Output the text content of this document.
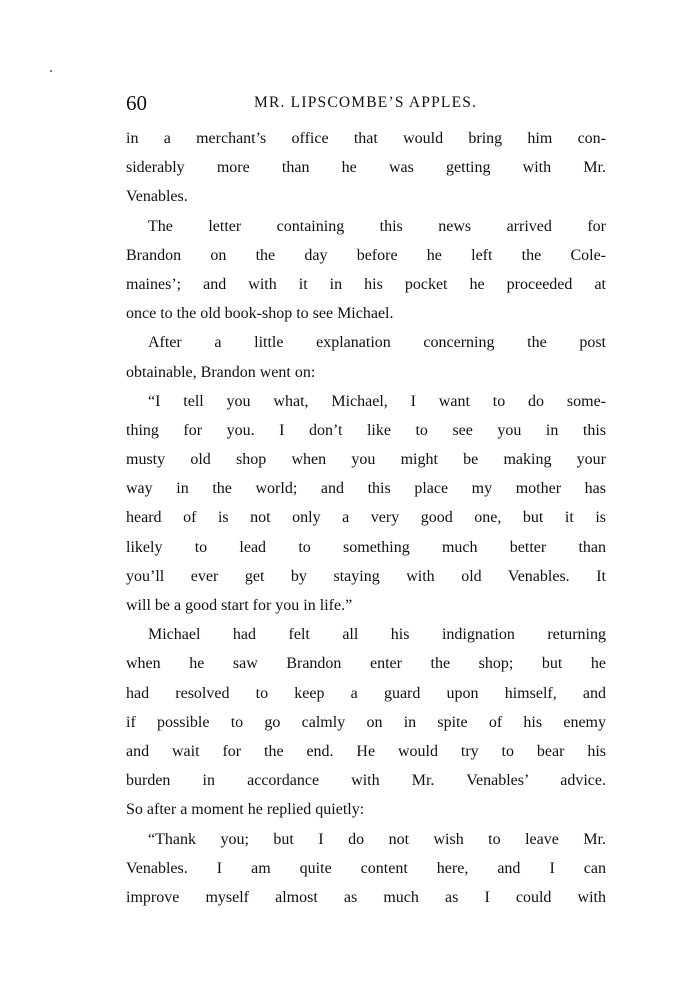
60	MR. LIPSCOMBE’S APPLES.
in a merchant’s office that would bring him con-
siderably more than he was getting with Mr.
Venables.
The letter containing this news arrived for
Brandon on the day before he left the Cole-
maines’; and with it in his pocket he proceeded at
once to the old book-shop to see Michael.
After a little explanation concerning the post
obtainable, Brandon went on:
“I tell you what, Michael, I want to do some-
thing for you. I don’t like to see you in this
musty old shop when you might be making your
way in the world; and this place my mother has
heard of is not only a very good one, but it is
likely to lead to something much better than
you’ll ever get by staying with old Venables. It
will be a good start for you in life.”
Michael had felt all his indignation returning
when he saw Brandon enter the shop; but he
had resolved to keep a guard upon himself, and
if possible to go calmly on in spite of his enemy
and wait for the end. He would try to bear his
burden in accordance with Mr. Venables’ advice.
So after a moment he replied quietly:
“Thank you; but I do not wish to leave Mr.
Venables. I am quite content here, and I can
improve myself almost as much as I could with
